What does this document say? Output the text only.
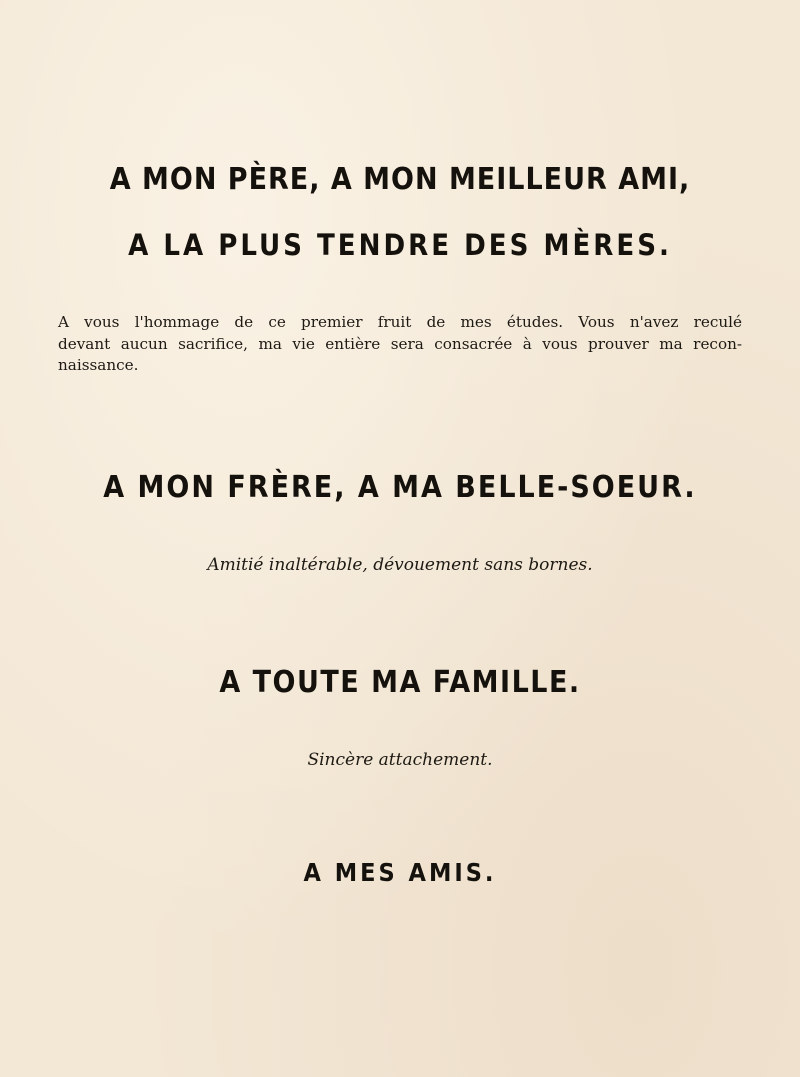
A MON PÈRE, A MON MEILLEUR AMI,
A LA PLUS TENDRE DES MÈRES.

A vous l'hommage de ce premier fruit de mes études. Vous n'avez reculé
devant aucun sacrifice, ma vie entière sera consacrée à vous prouver ma recon-
naissance.

A MON FRÈRE, A MA BELLE-SOEUR.

Amitié inaltérable, dévouement sans bornes.

A TOUTE MA FAMILLE.

Sincère attachement.

A MES AMIS.
